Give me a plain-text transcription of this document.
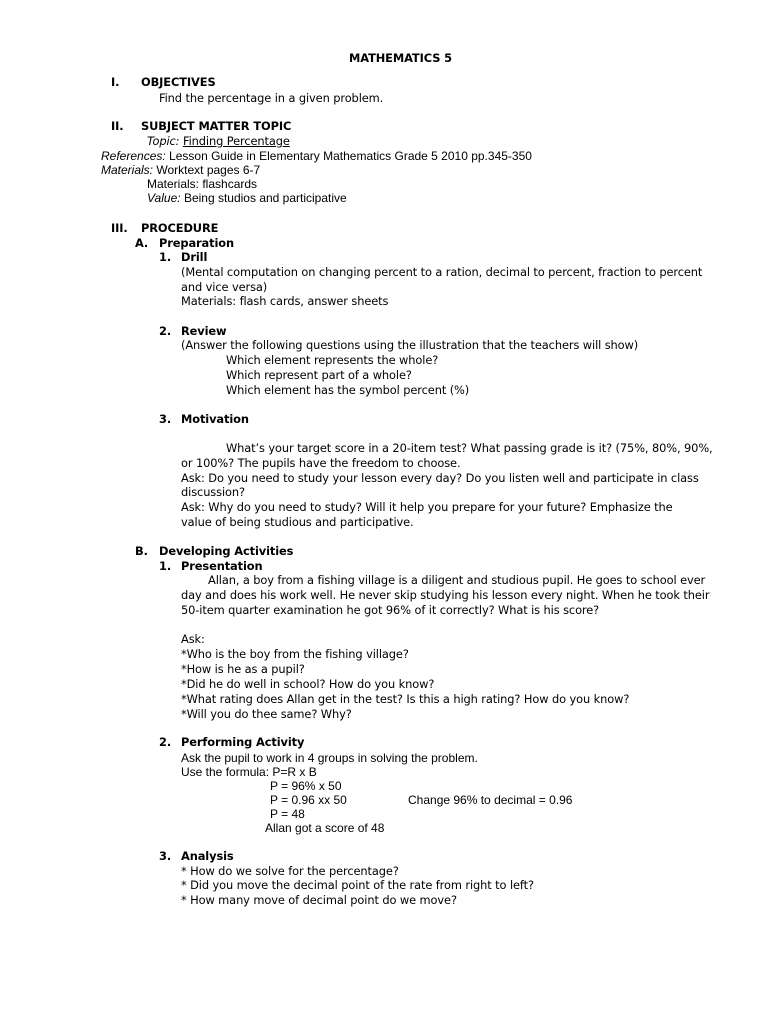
MATHEMATICS 5
I. OBJECTIVES
Find the percentage in a given problem.
II. SUBJECT MATTER TOPIC
Topic: Finding Percentage
References: Lesson Guide in Elementary Mathematics Grade 5 2010 pp.345-350
Materials: Worktext pages 6-7
Materials: flashcards
Value: Being studios and participative
III. PROCEDURE
A. Preparation
1. Drill
(Mental computation on changing percent to a ration, decimal to percent, fraction to percent
and vice versa)
Materials: flash cards, answer sheets
2. Review
(Answer the following questions using the illustration that the teachers will show)
Which element represents the whole?
Which represent part of a whole?
Which element has the symbol percent (%)
3. Motivation
What’s your target score in a 20-item test? What passing grade is it? (75%, 80%, 90%,
or 100%? The pupils have the freedom to choose.
Ask: Do you need to study your lesson every day? Do you listen well and participate in class
discussion?
Ask: Why do you need to study? Will it help you prepare for your future? Emphasize the
value of being studious and participative.
B. Developing Activities
1. Presentation
Allan, a boy from a fishing village is a diligent and studious pupil. He goes to school ever
day and does his work well. He never skip studying his lesson every night. When he took their
50-item quarter examination he got 96% of it correctly? What is his score?
Ask:
*Who is the boy from the fishing village?
*How is he as a pupil?
*Did he do well in school? How do you know?
*What rating does Allan get in the test? Is this a high rating? How do you know?
*Will you do thee same? Why?
2. Performing Activity
Ask the pupil to work in 4 groups in solving the problem.
Use the formula: P=R x B
P = 96% x 50
P = 0.96 xx 50	Change 96% to decimal = 0.96
P = 48
Allan got a score of 48
3. Analysis
* How do we solve for the percentage?
* Did you move the decimal point of the rate from right to left?
* How many move of decimal point do we move?
